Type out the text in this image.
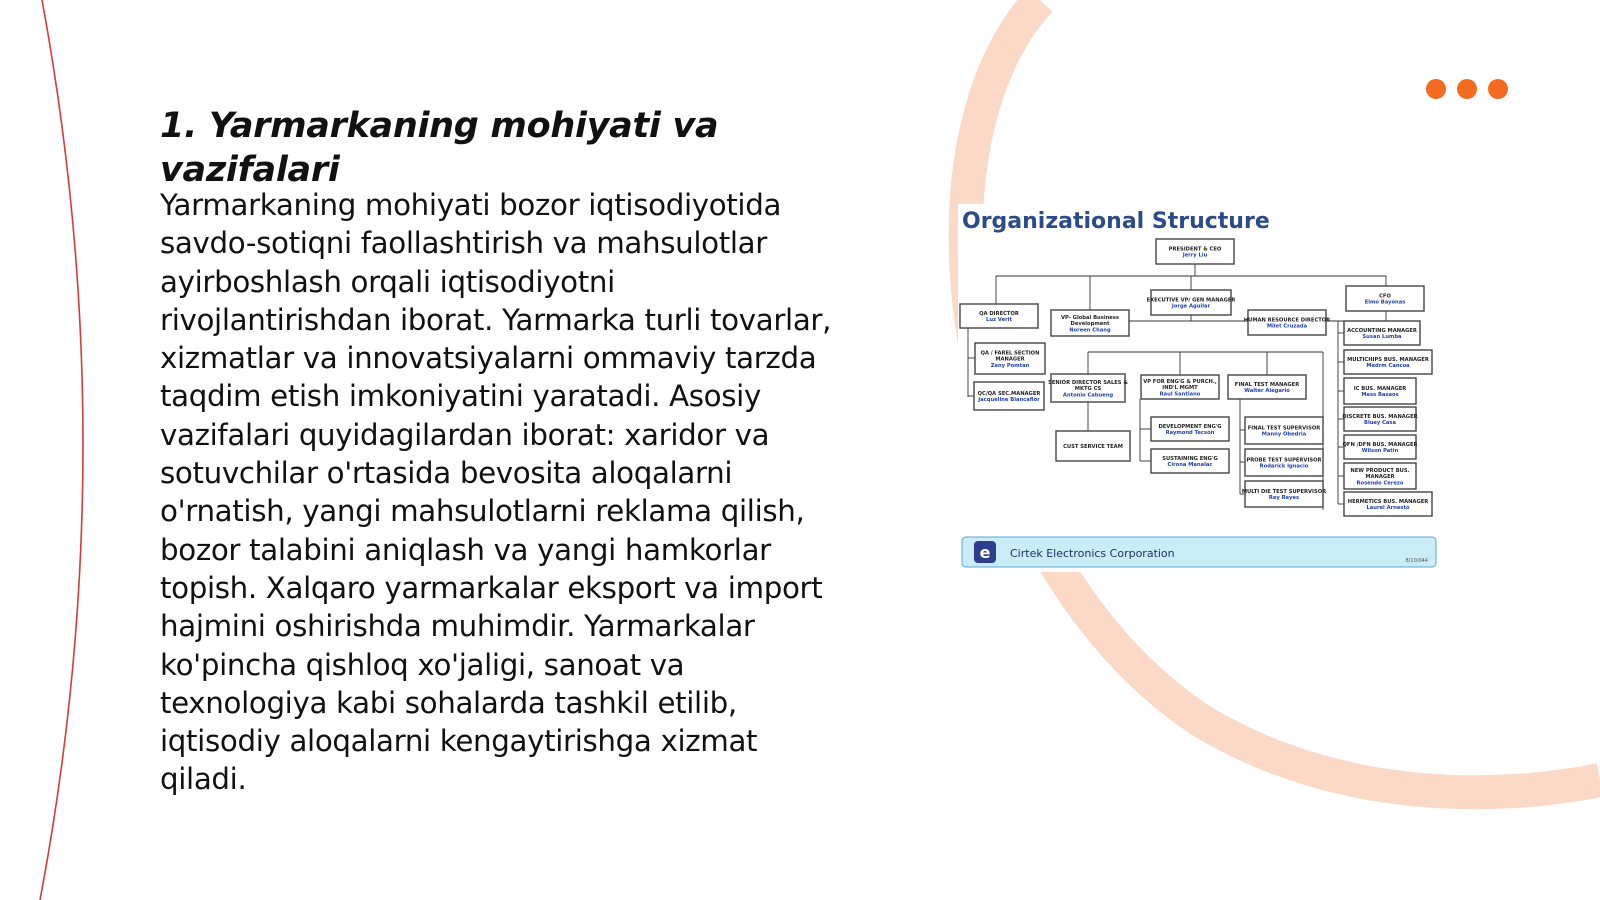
1. Yarmarkaning mohiyati va vazifalari

Yarmarkaning mohiyati bozor iqtisodiyotida savdo-sotiqni faollashtirish va mahsulotlar ayirboshlash orqali iqtisodiyotni rivojlantirishdan iborat. Yarmarka turli tovarlar, xizmatlar va innovatsiyalarni ommaviy tarzda taqdim etish imkoniyatini yaratadi. Asosiy vazifalari quyidagilardan iborat: xaridor va sotuvchilar o'rtasida bevosita aloqalarni o'rnatish, yangi mahsulotlarni reklama qilish, bozor talabini aniqlash va yangi hamkorlar topish. Xalqaro yarmarkalar eksport va import hajmini oshirishda muhimdir. Yarmarkalar ko'pincha qishloq xo'jaligi, sanoat va texnologiya kabi sohalarda tashkil etilib, iqtisodiy aloqalarni kengaytirishga xizmat qiladi.

Organizational Structure
PRESIDENT & CEO
Jerry Liu
QA DIRECTOR
Luz Verit	VP- Global Business
Development
Noreen Chang
EXECUTIVE VP/ GEN MANAGER
Jorge Aguilar
HUMAN RESOURCE DIRECTOR
Milet Cruzada
CFO
Elmo Bayonas
QA / FAREL SECTION
MANAGER
Zeny Pomtan
QC/QA SEC.MANAGER
Jacqueline Blancaflor
SENIOR DIRECTOR SALES &
MKTG CS
Antonio Cabueng
VP FOR ENG'G & PURCH.,
IND'L MGMT
Raul Santiano
FINAL TEST MANAGER
Walter Alegario
ACCOUNTING MANAGER
Susan Lumba
MULTICHIPS BUS. MANAGER
Medrm Cancoa
IC BUS. MANAGER
Mess Basaos
DISCRETE BUS. MANAGER
Bluey Casa
QFN /DFN BUS. MANAGER
Wilson Patin
NEW PRODUCT BUS.
MANAGER
Rosendo Cerezo
HERMETICS BUS. MANAGER
Laurel Arnesto
CUST SERVICE TEAM
DEVELOPMENT ENG'G
Raymond Tecson
SUSTAINING ENG'G
Cirona Manalac
FINAL TEST SUPERVISOR
Manny Obedria
PROBE TEST SUPERVISOR
Rodarick Ignacio
MULTI DIE TEST SUPERVISOR
Rey Reyes
e Cirtek Electronics Corporation
8/10/044
